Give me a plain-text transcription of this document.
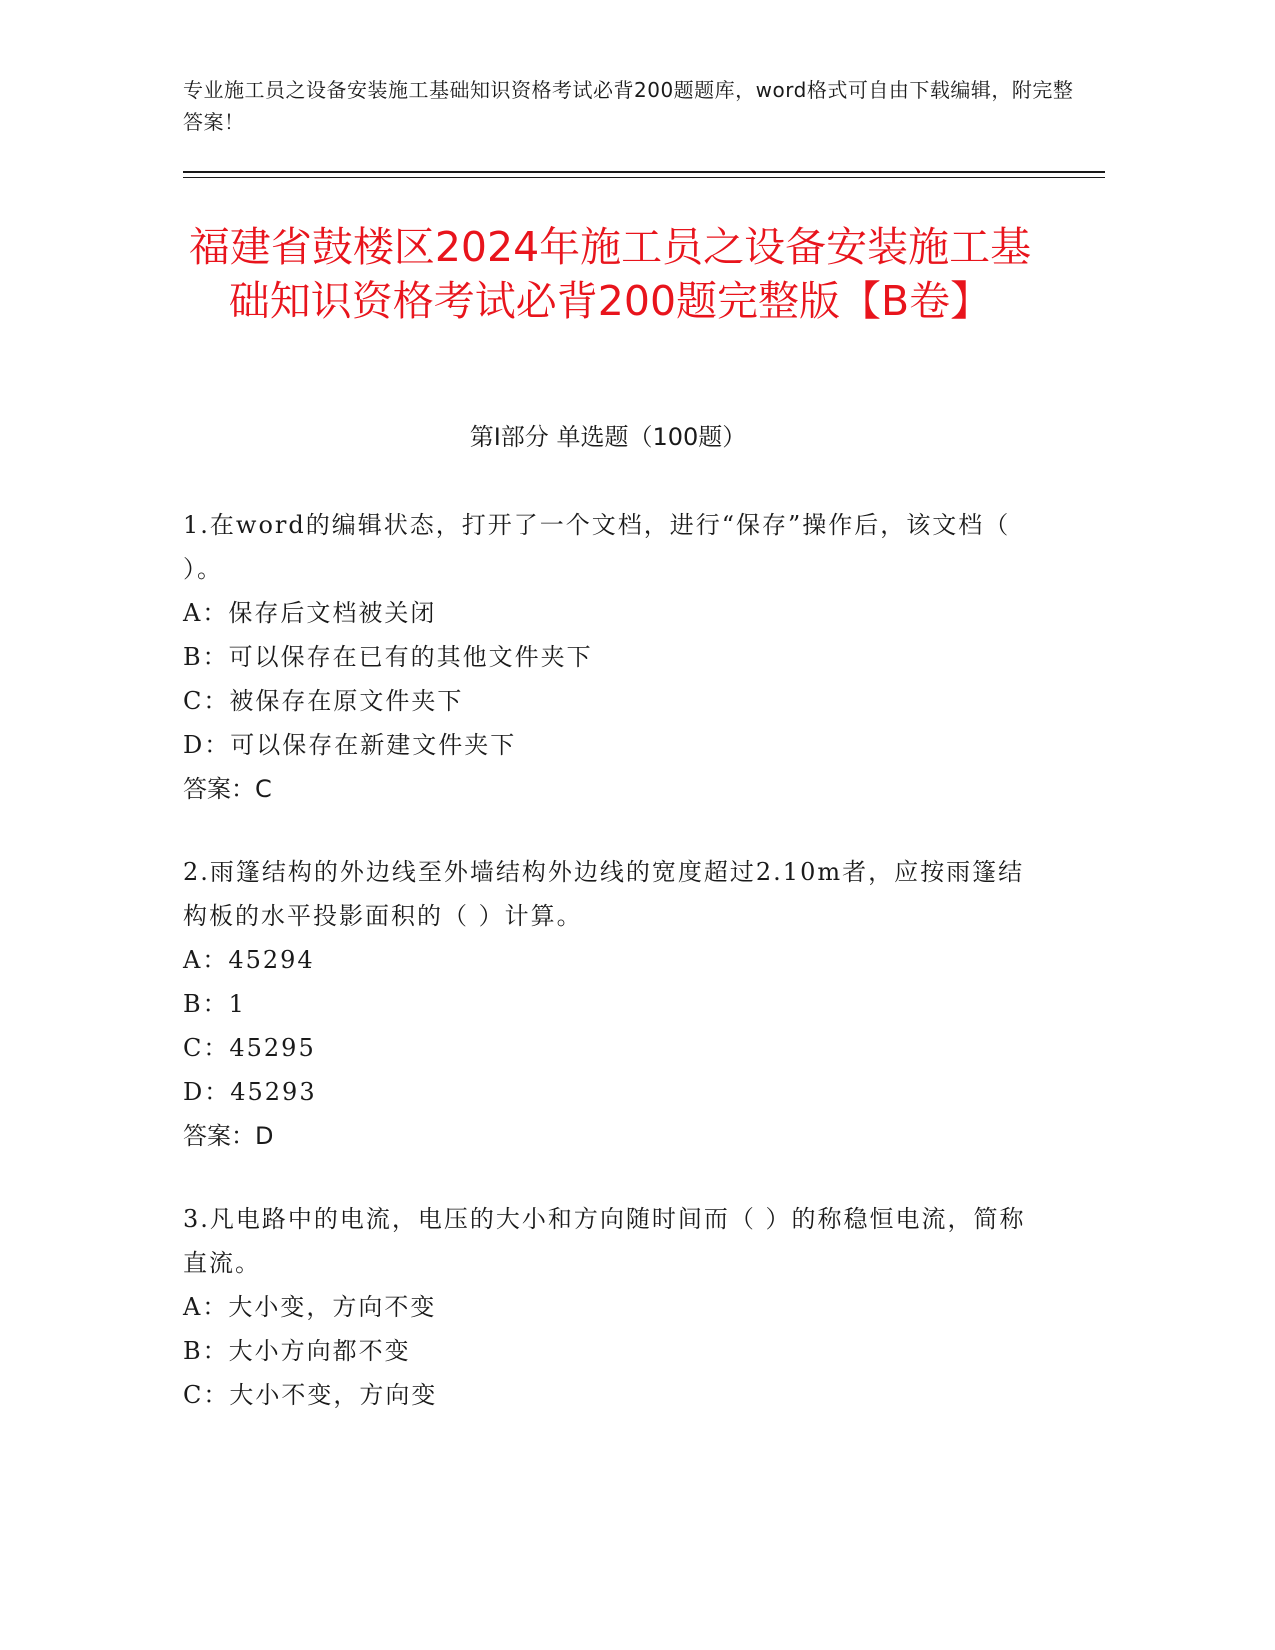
专业施工员之设备安装施工基础知识资格考试必背200题题库，word格式可自由下载编辑，附完整答案！
福建省鼓楼区2024年施工员之设备安装施工基础知识资格考试必背200题完整版【B卷】
第Ⅰ部分 单选题（100题）
1.在word的编辑状态，打开了一个文档，进行“保存”操作后，该文档（ ）。
A：保存后文档被关闭
B：可以保存在已有的其他文件夹下
C：被保存在原文件夹下
D：可以保存在新建文件夹下
答案：C
2.雨篷结构的外边线至外墙结构外边线的宽度超过2.10m者，应按雨篷结构板的水平投影面积的（ ）计算。
A：45294
B：1
C：45295
D：45293
答案：D
3.凡电路中的电流，电压的大小和方向随时间而（ ）的称稳恒电流，简称直流。
A：大小变，方向不变
B：大小方向都不变
C：大小不变，方向变
